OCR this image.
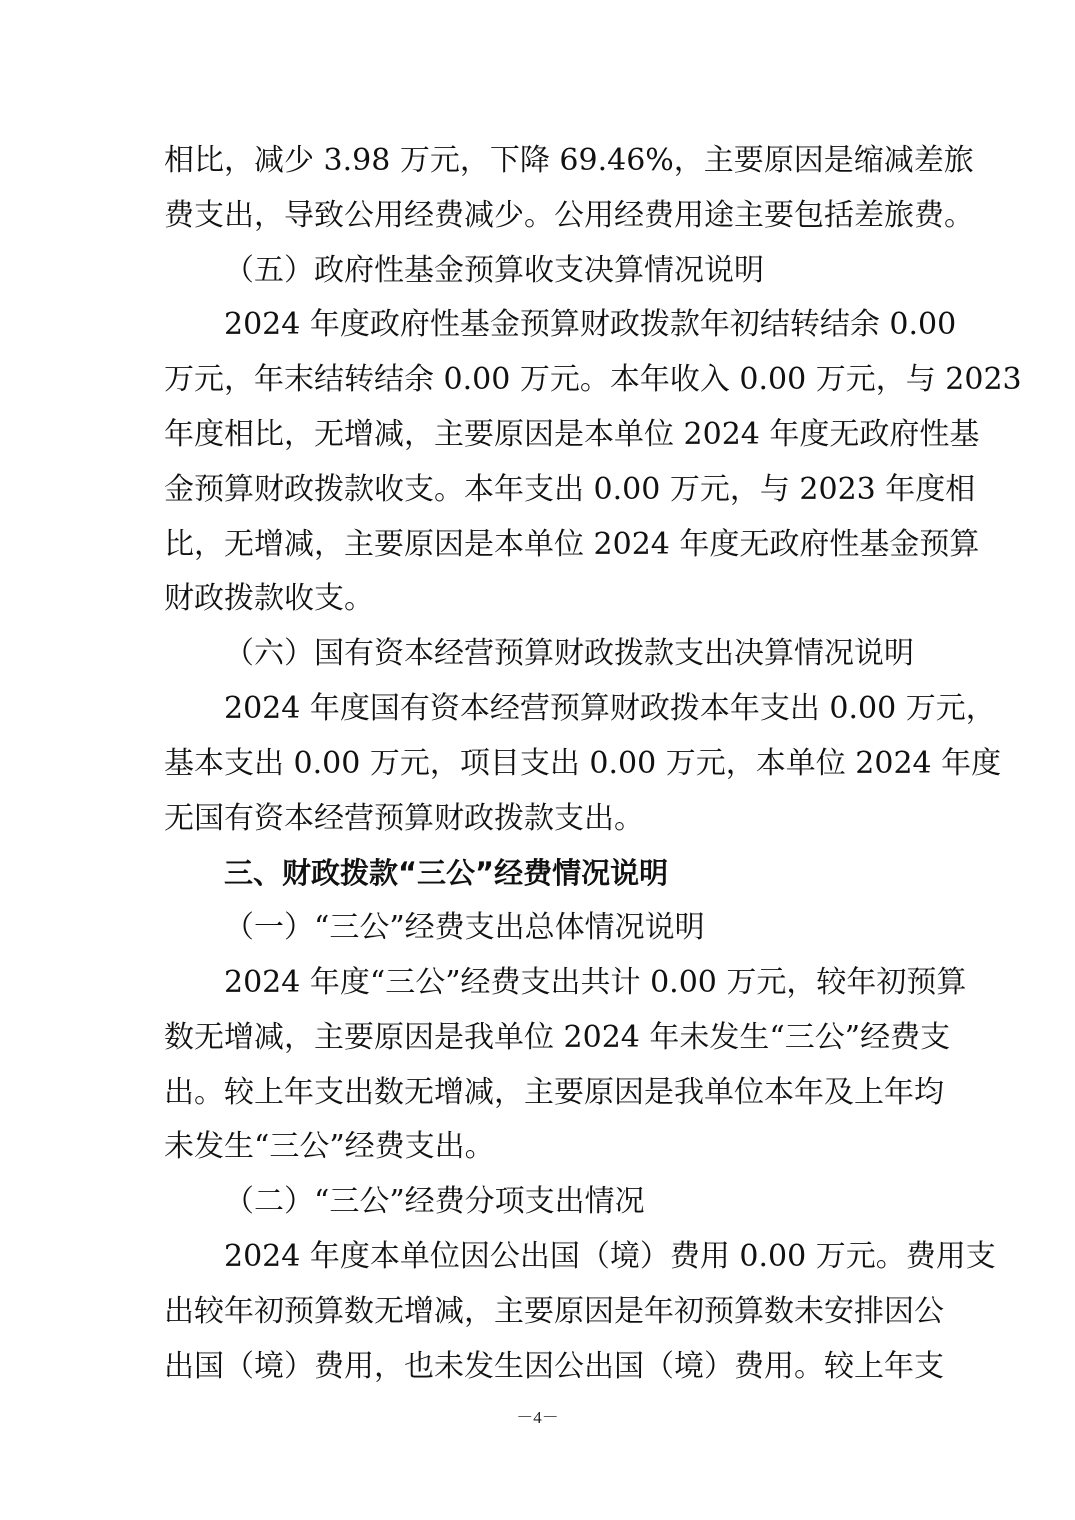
相比，减少 3.98 万元，下降 69.46%，主要原因是缩减差旅
费支出，导致公用经费减少。公用经费用途主要包括差旅费。
（五）政府性基金预算收支决算情况说明
2024 年度政府性基金预算财政拨款年初结转结余 0.00
万元，年末结转结余 0.00 万元。本年收入 0.00 万元，与 2023
年度相比，无增减，主要原因是本单位 2024 年度无政府性基
金预算财政拨款收支。本年支出 0.00 万元，与 2023 年度相
比，无增减，主要原因是本单位 2024 年度无政府性基金预算
财政拨款收支。
（六）国有资本经营预算财政拨款支出决算情况说明
2024 年度国有资本经营预算财政拨本年支出 0.00 万元，
基本支出 0.00 万元，项目支出 0.00 万元，本单位 2024 年度
无国有资本经营预算财政拨款支出。
三、财政拨款“三公”经费情况说明
（一）“三公”经费支出总体情况说明
2024 年度“三公”经费支出共计 0.00 万元，较年初预算
数无增减，主要原因是我单位 2024 年未发生“三公”经费支
出。较上年支出数无增减，主要原因是我单位本年及上年均
未发生“三公”经费支出。
（二）“三公”经费分项支出情况
2024 年度本单位因公出国（境）费用 0.00 万元。费用支
出较年初预算数无增减，主要原因是年初预算数未安排因公
出国（境）费用，也未发生因公出国（境）费用。较上年支
－4－
